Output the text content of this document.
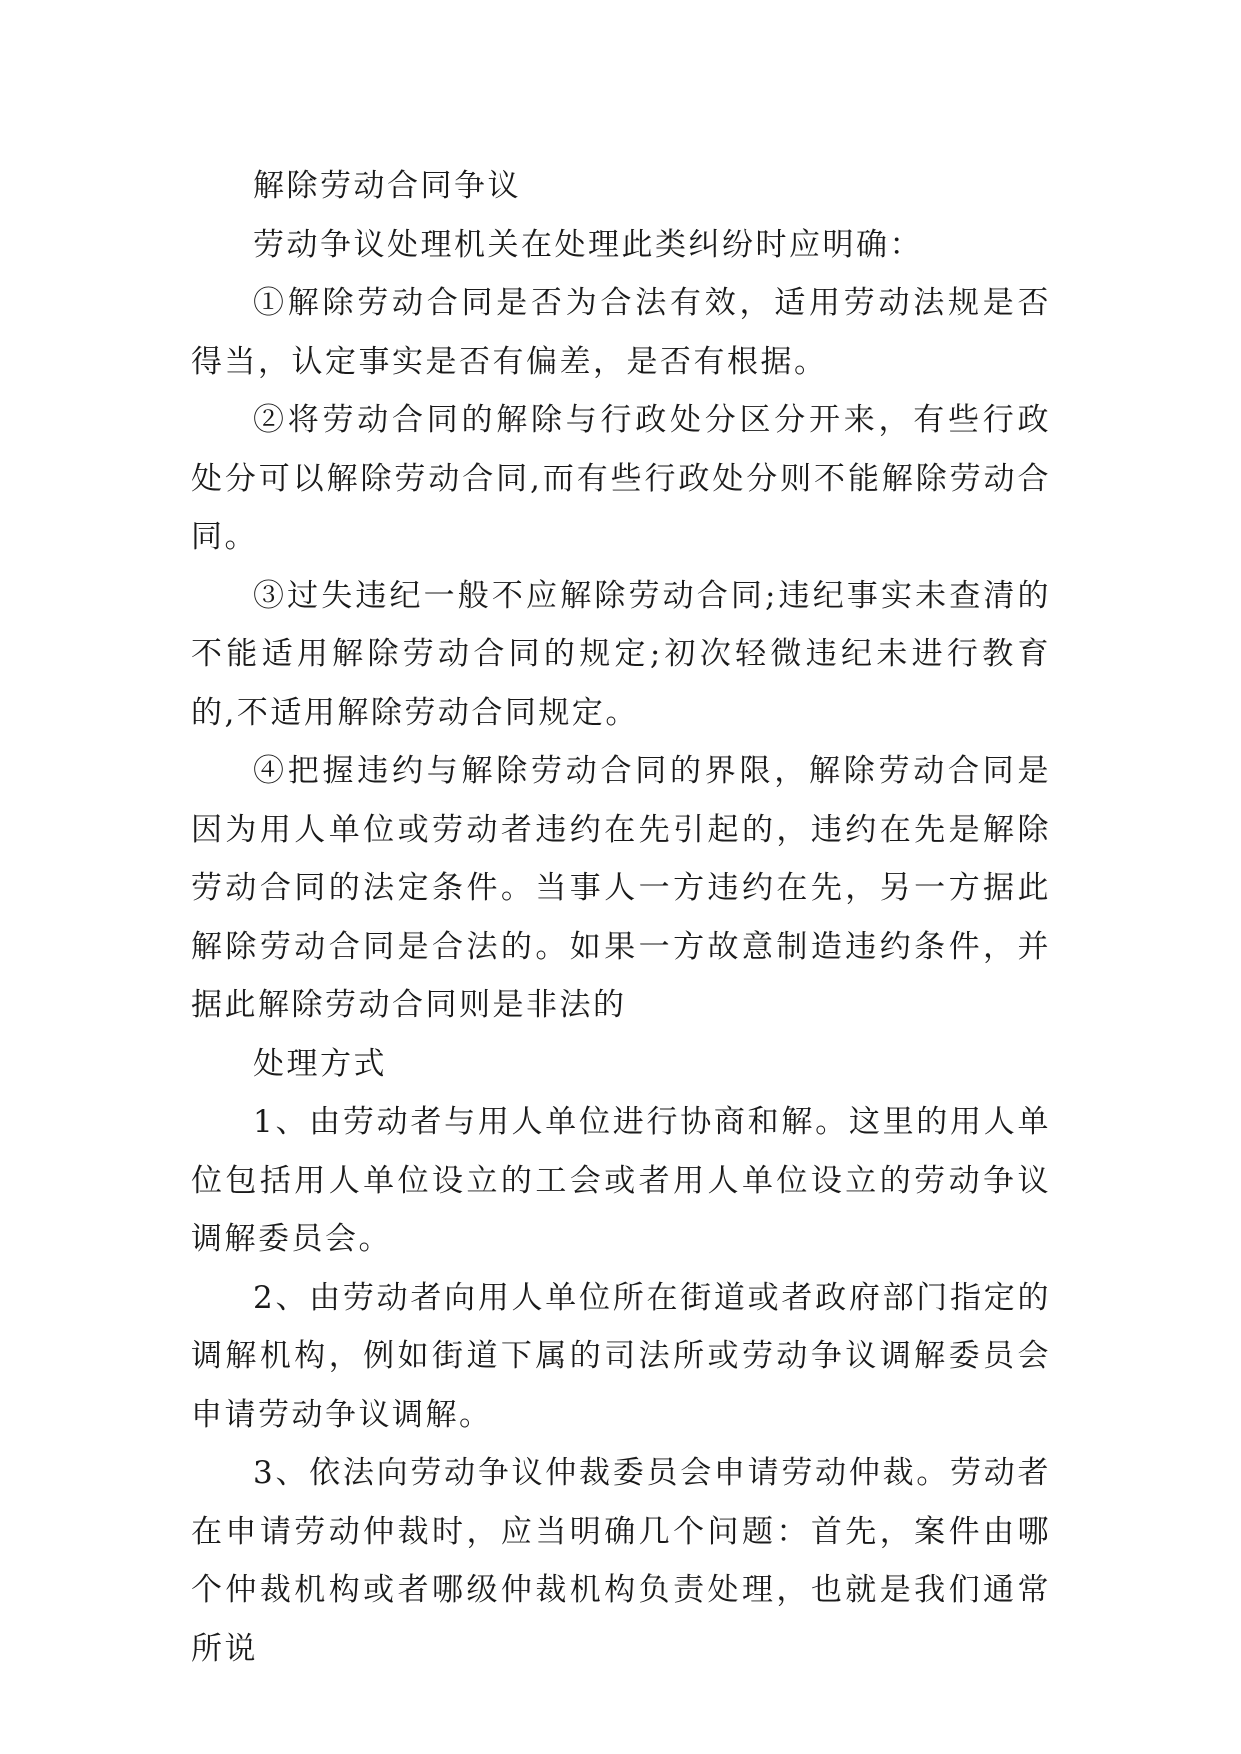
解除劳动合同争议

劳动争议处理机关在处理此类纠纷时应明确：

①解除劳动合同是否为合法有效，适用劳动法规是否得当，认定事实是否有偏差，是否有根据。

②将劳动合同的解除与行政处分区分开来，有些行政处分可以解除劳动合同,而有些行政处分则不能解除劳动合同。

③过失违纪一般不应解除劳动合同;违纪事实未查清的不能适用解除劳动合同的规定;初次轻微违纪未进行教育的,不适用解除劳动合同规定。

④把握违约与解除劳动合同的界限，解除劳动合同是因为用人单位或劳动者违约在先引起的，违约在先是解除劳动合同的法定条件。当事人一方违约在先，另一方据此解除劳动合同是合法的。如果一方故意制造违约条件，并据此解除劳动合同则是非法的

处理方式

1、由劳动者与用人单位进行协商和解。这里的用人单位包括用人单位设立的工会或者用人单位设立的劳动争议调解委员会。

2、由劳动者向用人单位所在街道或者政府部门指定的调解机构，例如街道下属的司法所或劳动争议调解委员会申请劳动争议调解。

3、依法向劳动争议仲裁委员会申请劳动仲裁。劳动者在申请劳动仲裁时，应当明确几个问题：首先，案件由哪个仲裁机构或者哪级仲裁机构负责处理，也就是我们通常所说
